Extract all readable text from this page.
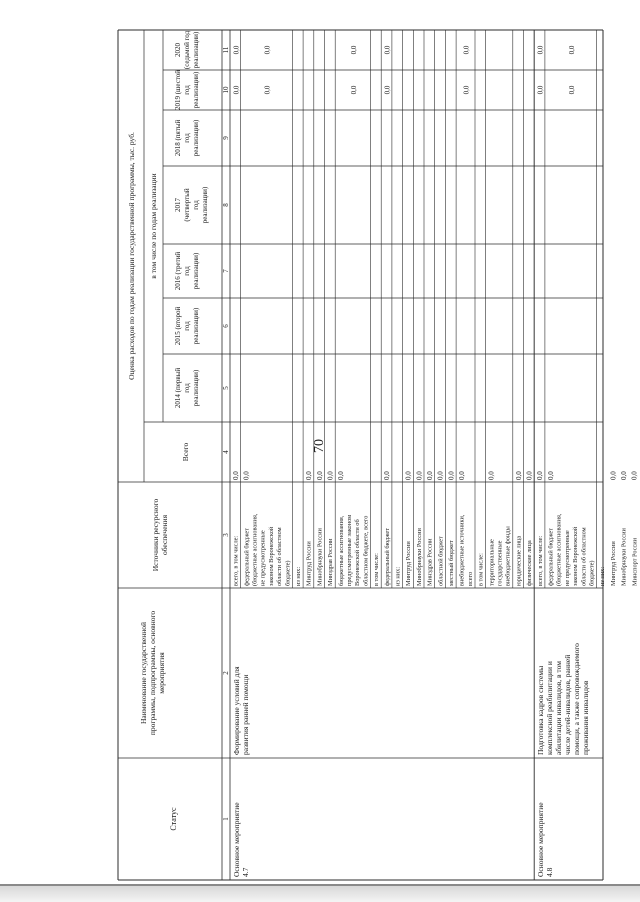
70
Статус
Наименование государственнойпрограммы, подпрограммы, основногомероприятия
Источники ресурсногообеспечения
Оценка расходов по годам реализации государственной программы, тыс. руб.
Всего
в том числе по годам реализации
2014 (первыйгодреализации)
2015 (второйгодреализации)
2016 (третийгодреализации)
2017(четвертыйгодреализации)
2018 (пятыйгодреализации)
2019 (шестойгодреализации)
2020(седьмой годреализации)
1
2
3
4
5
6
7
8
9
10
11
всего, в том числе:
0,0
0,0
0,0
федеральный бюджет(бюджетные ассигнования,не предусмотренныезаконом Воронежскойобласти об областномбюджете)
0,0
0,0
0,0
из них: Минтруд России
0,0
Минобрнауки России
0,0
Минздрав России
0,0
бюджетные ассигнования,предусмотренные закономВоронежской области обобластном бюджете, всего
0,0
0,0
0,0
в том числе: федеральный бюджет
0,0
0,0
0,0
из них: Минтруд России
0,0
Минобрнауки России
0,0
Минздрав России
0,0
областной бюджет
0,0
местный бюджет
0,0
внебюджетные источники,всего
0,0
0,0
0,0
в том числе: территориальныегосударственныевнебюджетные фонды
0,0
юридические лица
0,0
физические лица
0,0
Основное мероприятие4.7
Формирование условий дляразвития ранней помощи
всего, в том числе:
0,0
0,0
0,0
федеральный бюджет(бюджетные ассигнования,не предусмотренныезаконом Воронежскойобласти об областномбюджете)
0,0
0,0
0,0
из них: Минтруд России
0,0
Минобрнауки России
0,0
Минспорт России
0,0
Основное мероприятие4.8
Подготовка кадров системыкомплексной реабилитации иабилитации инвалидов, в томчисле детей-инвалидов, раннейпомощи, а также сопровождаемогопроживания инвалидов
